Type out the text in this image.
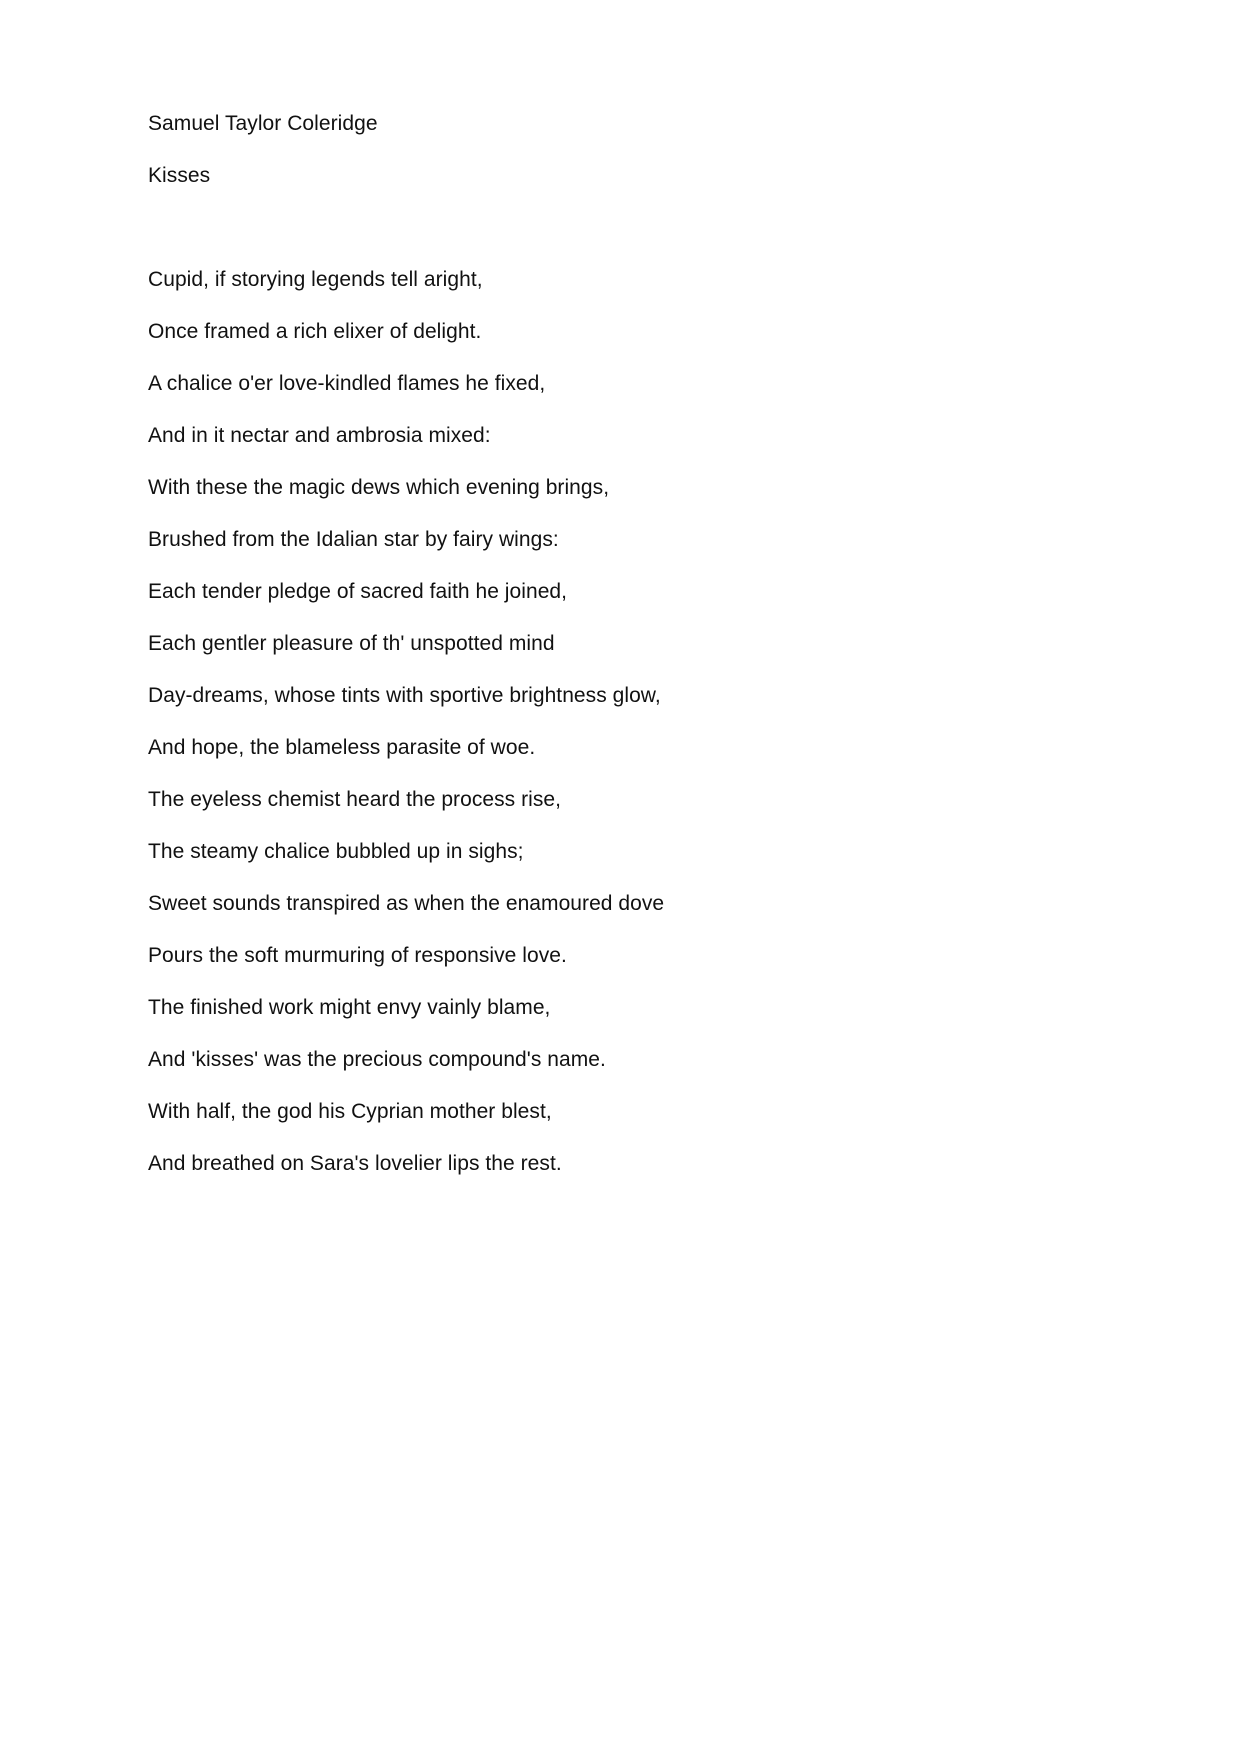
Samuel Taylor Coleridge
Kisses
Cupid, if storying legends tell aright,
Once framed a rich elixer of delight.
A chalice o'er love-kindled flames he fixed,
And in it nectar and ambrosia mixed:
With these the magic dews which evening brings,
Brushed from the Idalian star by fairy wings:
Each tender pledge of sacred faith he joined,
Each gentler pleasure of th' unspotted mind
Day-dreams, whose tints with sportive brightness glow,
And hope, the blameless parasite of woe.
The eyeless chemist heard the process rise,
The steamy chalice bubbled up in sighs;
Sweet sounds transpired as when the enamoured dove
Pours the soft murmuring of responsive love.
The finished work might envy vainly blame,
And 'kisses' was the precious compound's name.
With half, the god his Cyprian mother blest,
And breathed on Sara's lovelier lips the rest.
